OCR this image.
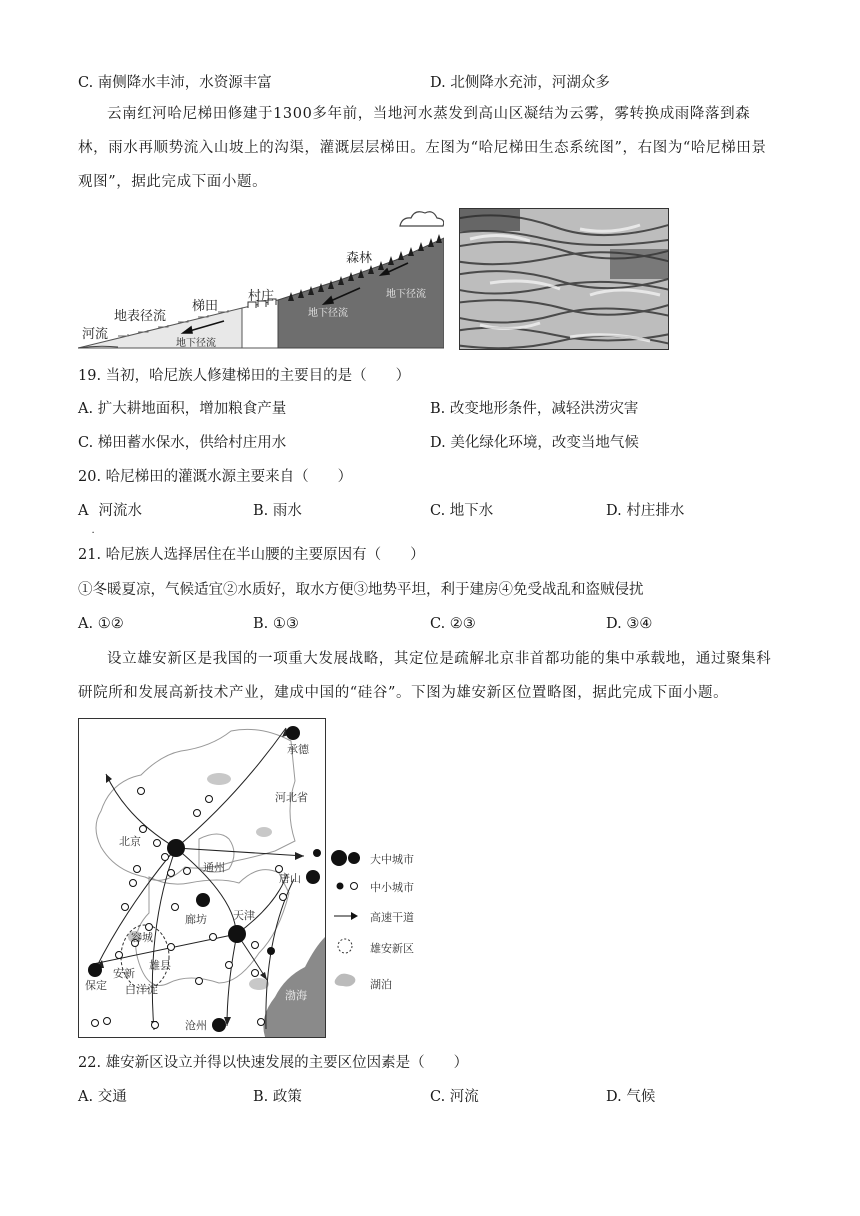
C. 南侧降水丰沛，水资源丰富	D. 北侧降水充沛，河湖众多
云南红河哈尼梯田修建于1300多年前，当地河水蒸发到高山区凝结为云雾，雾转换成雨降落到森林，雨水再顺势流入山坡上的沟渠，灌溉层层梯田。左图为“哈尼梯田生态系统图”，右图为“哈尼梯田景观图”，据此完成下面小题。
森林
村庄
梯田
地表径流
河流
地下径流
地下径流
地下径流
19. 当初，哈尼族人修建梯田的主要目的是（　　）
A. 扩大耕地面积，增加粮食产量	B. 改变地形条件，减轻洪涝灾害
C. 梯田蓄水保水，供给村庄用水	D. 美化绿化环境，改变当地气候
20. 哈尼梯田的灌溉水源主要来自（　　）
A
.
河流水	B. 雨水	C. 地下水	D. 村庄排水
21. 哈尼族人选择居住在半山腰的主要原因有（　　）
①冬暖夏凉，气候适宜②水质好，取水方便③地势平坦，利于建房④免受战乱和盗贼侵扰
A. ①②	B. ①③	C. ②③	D. ③④
设立雄安新区是我国的一项重大发展战略，其定位是疏解北京非首都功能的集中承载地，通过聚集科研院所和发展高新技术产业，建成中国的“硅谷”。下图为雄安新区位置略图，据此完成下面小题。
承德
河北省
北京
通州
唐山
廊坊 天津
容城
安新
雄县
白洋淀
保定
渤海
沧州
大中城市
中小城市
高速干道
雄安新区
湖泊
22. 雄安新区设立并得以快速发展的主要区位因素是（　　）
A. 交通	B. 政策	C. 河流	D. 气候
